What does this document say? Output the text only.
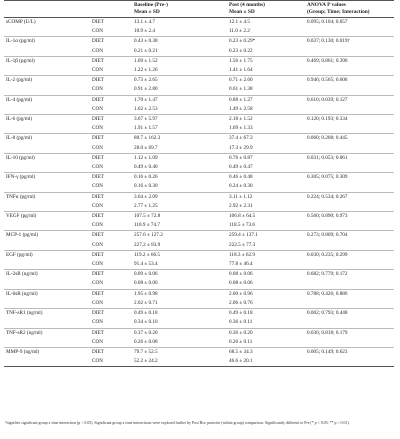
		Baseline (Pre-)	Post (4 months)	ANOVA P values
		Mean ± SD	Mean ± SD	(Group; Time; Interaction)
sCOMP (U/L)	DIET	13.1 ± 4.7	12.1 ± 4.5	0.095; 0.104; 0.057
	CON	10.9 ± 2.4	11.0 ± 2.2	
IL-1α (pg/ml)	DIET	0.43 ± 0.38	0.23 ± 0.29*	0.037; 0.130; 0.019†
	CON	0.21 ± 0.21	0.23 ± 0.22	
IL-1β (pg/ml)	DIET	1.69 ± 1.52	1.56 ± 1.75	0.469; 0.861; 0.390
	CON	1.22 ± 1.26	1.41 ± 1.64	
IL-2 (pg/ml)	DIET	0.73 ± 2.65	0.71 ± 2.60	0.946; 0.565; 0.606
	CON	0.91 ± 2.80	0.61 ± 1.38	
IL-4 (pg/ml)	DIET	1.70 ± 1.47	0.88 ± 1.27	0.610; 0.039; 0.127
	CON	1.62 ± 2.53	1.49 ± 2.58	
IL-6 (pg/ml)	DIET	3.67 ± 5.97	2.18 ± 1.52	0.120; 0.193; 0.334
	CON	1.91 ± 1.57	1.69 ± 1.33	
IL-8 (pg/ml)	DIET	80.7 ± 162.3	37.4 ± 67.3	0.060; 0.208; 0.445
	CON	28.0 ± 69.7	17.3 ± 29.9	
IL-10 (pg/ml)	DIET	1.12 ± 1.09	0.76 ± 0.87	0.031; 0.053; 0.061
	CON	0.49 ± 0.40	0.49 ± 0.47	
IFN-γ (pg/ml)	DIET	0.16 ± 0.26	0.46 ± 0.48	0.305; 0.075; 0.309
	CON	0.16 ± 0.30	0.24 ± 0.30	
TNFα (pg/ml)	DIET	3.64 ± 2.09	3.11 ± 1.12	0.224; 0.534; 0.267
	CON	2.77 ± 1.25	2.92 ± 2.31	
VEGF (pg/ml)	DIET	107.5 ± 72.8	106.8 ± 64.5	0.560; 0.890; 0.973
	CON	118.9 ± 74.7	118.5 ± 73.6	
MCP-1 (pg/ml)	DIET	257.6 ± 127.2	259.4 ± 137.1	0.273; 0.869; 0.704
	CON	227.2 ± 83.9	222.5 ± 77.3	
EGF (pg/ml)	DIET	119.2 ± 66.5	118.3 ± 62.9	0.030; 0.235; 0.299
	CON	91.4 ± 53.4	77.8 ± 46.4	
IL-2sR (ng/ml)	DIET	0.09 ± 0.06	0.08 ± 0.06	0.682; 0.779; 0.172
	CON	0.08 ± 0.06	0.08 ± 0.06	
IL-6sR (ng/ml)	DIET	1.95 ± 0.98	2.00 ± 0.96	0.788; 0.426; 0.886
	CON	2.02 ± 0.71	2.06 ± 0.76	
TNF-sR1 (ng/ml)	DIET	0.49 ± 0.18	0.49 ± 0.18	0.002; 0.793; 0.448
	CON	0.34 ± 0.10	0.36 ± 0.11	
TNF-sR2 (ng/ml)	DIET	0.37 ± 0.20	0.36 ± 0.20	0.036; 0.818; 0.179
	CON	0.26 ± 0.08	0.26 ± 0.11	
MMP-9 (ng/ml)	DIET	79.7 ± 52.5	68.5 ± 34.3	0.005; 0.149; 0.623
	CON	52.2 ± 24.2	46.6 ± 20.1	
†signifies significant group x time interaction (p < 0.05). Significant group x time interactions were explored further by Post Hoc pairwise (within group) comparison. Significantly different to Pre (* p < 0.05; ** p < 0.01).
